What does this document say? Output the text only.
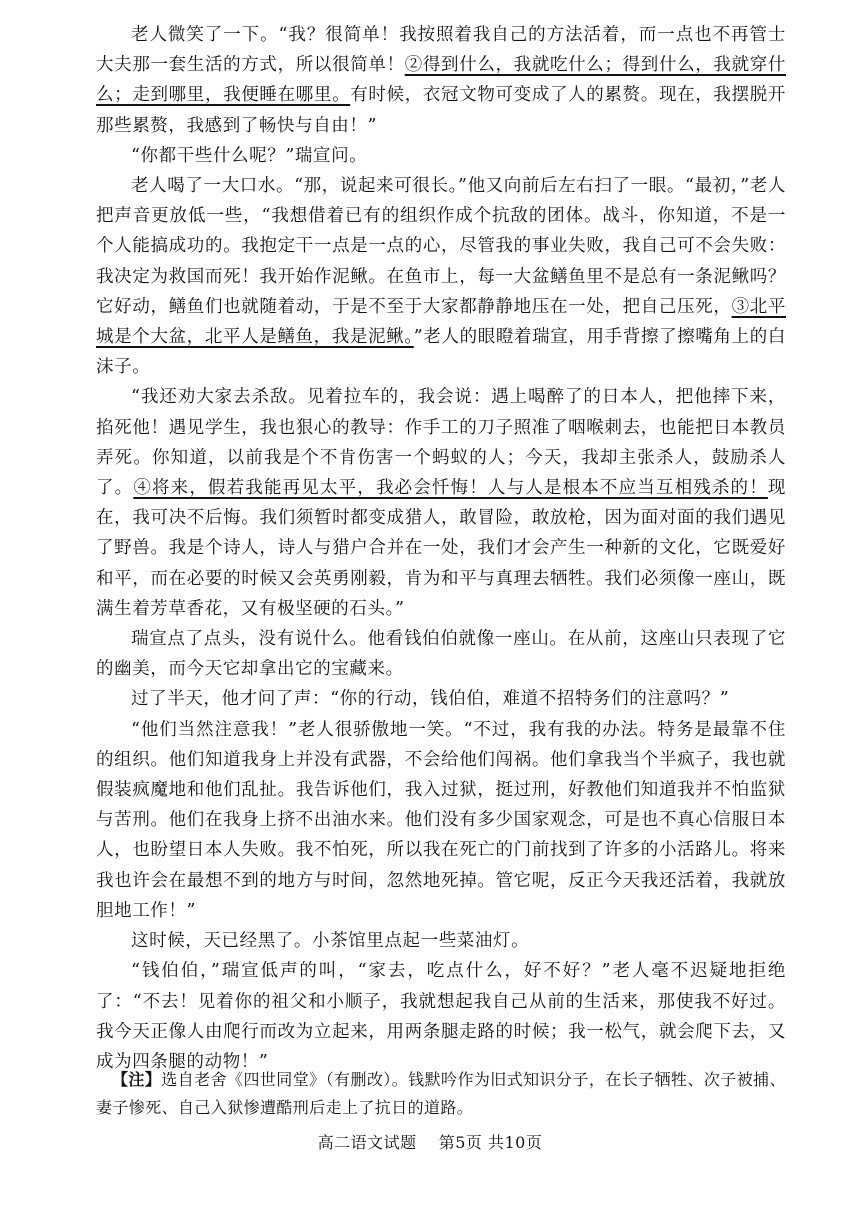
老人微笑了一下。“我？很简单！我按照着我自己的方法活着，而一点也不再管士大夫那一套生活的方式，所以很简单！②得到什么，我就吃什么；得到什么，我就穿什么；走到哪里，我便睡在哪里。有时候，衣冠文物可变成了人的累赘。现在，我摆脱开那些累赘，我感到了畅快与自由！”

“你都干些什么呢？”瑞宣问。

老人喝了一大口水。“那，说起来可很长。”他又向前后左右扫了一眼。“最初，”老人把声音更放低一些，“我想借着已有的组织作成个抗敌的团体。战斗，你知道，不是一个人能搞成功的。我抱定干一点是一点的心，尽管我的事业失败，我自己可不会失败：我决定为救国而死！我开始作泥鳅。在鱼市上，每一大盆鳝鱼里不是总有一条泥鳅吗？它好动，鳝鱼们也就随着动，于是不至于大家都静静地压在一处，把自己压死，③北平城是个大盆，北平人是鳝鱼，我是泥鳅。”老人的眼瞪着瑞宣，用手背擦了擦嘴角上的白沫子。

“我还劝大家去杀敌。见着拉车的，我会说：遇上喝醉了的日本人，把他摔下来，掐死他！遇见学生，我也狠心的教导：作手工的刀子照准了咽喉刺去，也能把日本教员弄死。你知道，以前我是个不肯伤害一个蚂蚁的人；今天，我却主张杀人，鼓励杀人了。④将来，假若我能再见太平，我必会忏悔！人与人是根本不应当互相残杀的！现在，我可决不后悔。我们须暂时都变成猎人，敢冒险，敢放枪，因为面对面的我们遇见了野兽。我是个诗人，诗人与猎户合并在一处，我们才会产生一种新的文化，它既爱好和平，而在必要的时候又会英勇刚毅，肯为和平与真理去牺牲。我们必须像一座山，既满生着芳草香花，又有极坚硬的石头。”

瑞宣点了点头，没有说什么。他看钱伯伯就像一座山。在从前，这座山只表现了它的幽美，而今天它却拿出它的宝藏来。

过了半天，他才问了声：“你的行动，钱伯伯，难道不招特务们的注意吗？”

“他们当然注意我！”老人很骄傲地一笑。“不过，我有我的办法。特务是最靠不住的组织。他们知道我身上并没有武器，不会给他们闯祸。他们拿我当个半疯子，我也就假装疯魔地和他们乱扯。我告诉他们，我入过狱，挺过刑，好教他们知道我并不怕监狱与苦刑。他们在我身上挤不出油水来。他们没有多少国家观念，可是也不真心信服日本人，也盼望日本人失败。我不怕死，所以我在死亡的门前找到了许多的小活路儿。将来我也许会在最想不到的地方与时间，忽然地死掉。管它呢，反正今天我还活着，我就放胆地工作！”

这时候，天已经黑了。小茶馆里点起一些菜油灯。

“钱伯伯，”瑞宣低声的叫，“家去，吃点什么，好不好？”老人毫不迟疑地拒绝了：“不去！见着你的祖父和小顺子，我就想起我自己从前的生活来，那使我不好过。我今天正像人由爬行而改为立起来，用两条腿走路的时候；我一松气，就会爬下去，又成为四条腿的动物！”

【注】选自老舍《四世同堂》（有删改）。钱默吟作为旧式知识分子，在长子牺牲、次子被捕、妻子惨死、自己入狱惨遭酷刑后走上了抗日的道路。

高二语文试题 第5页 共10页
